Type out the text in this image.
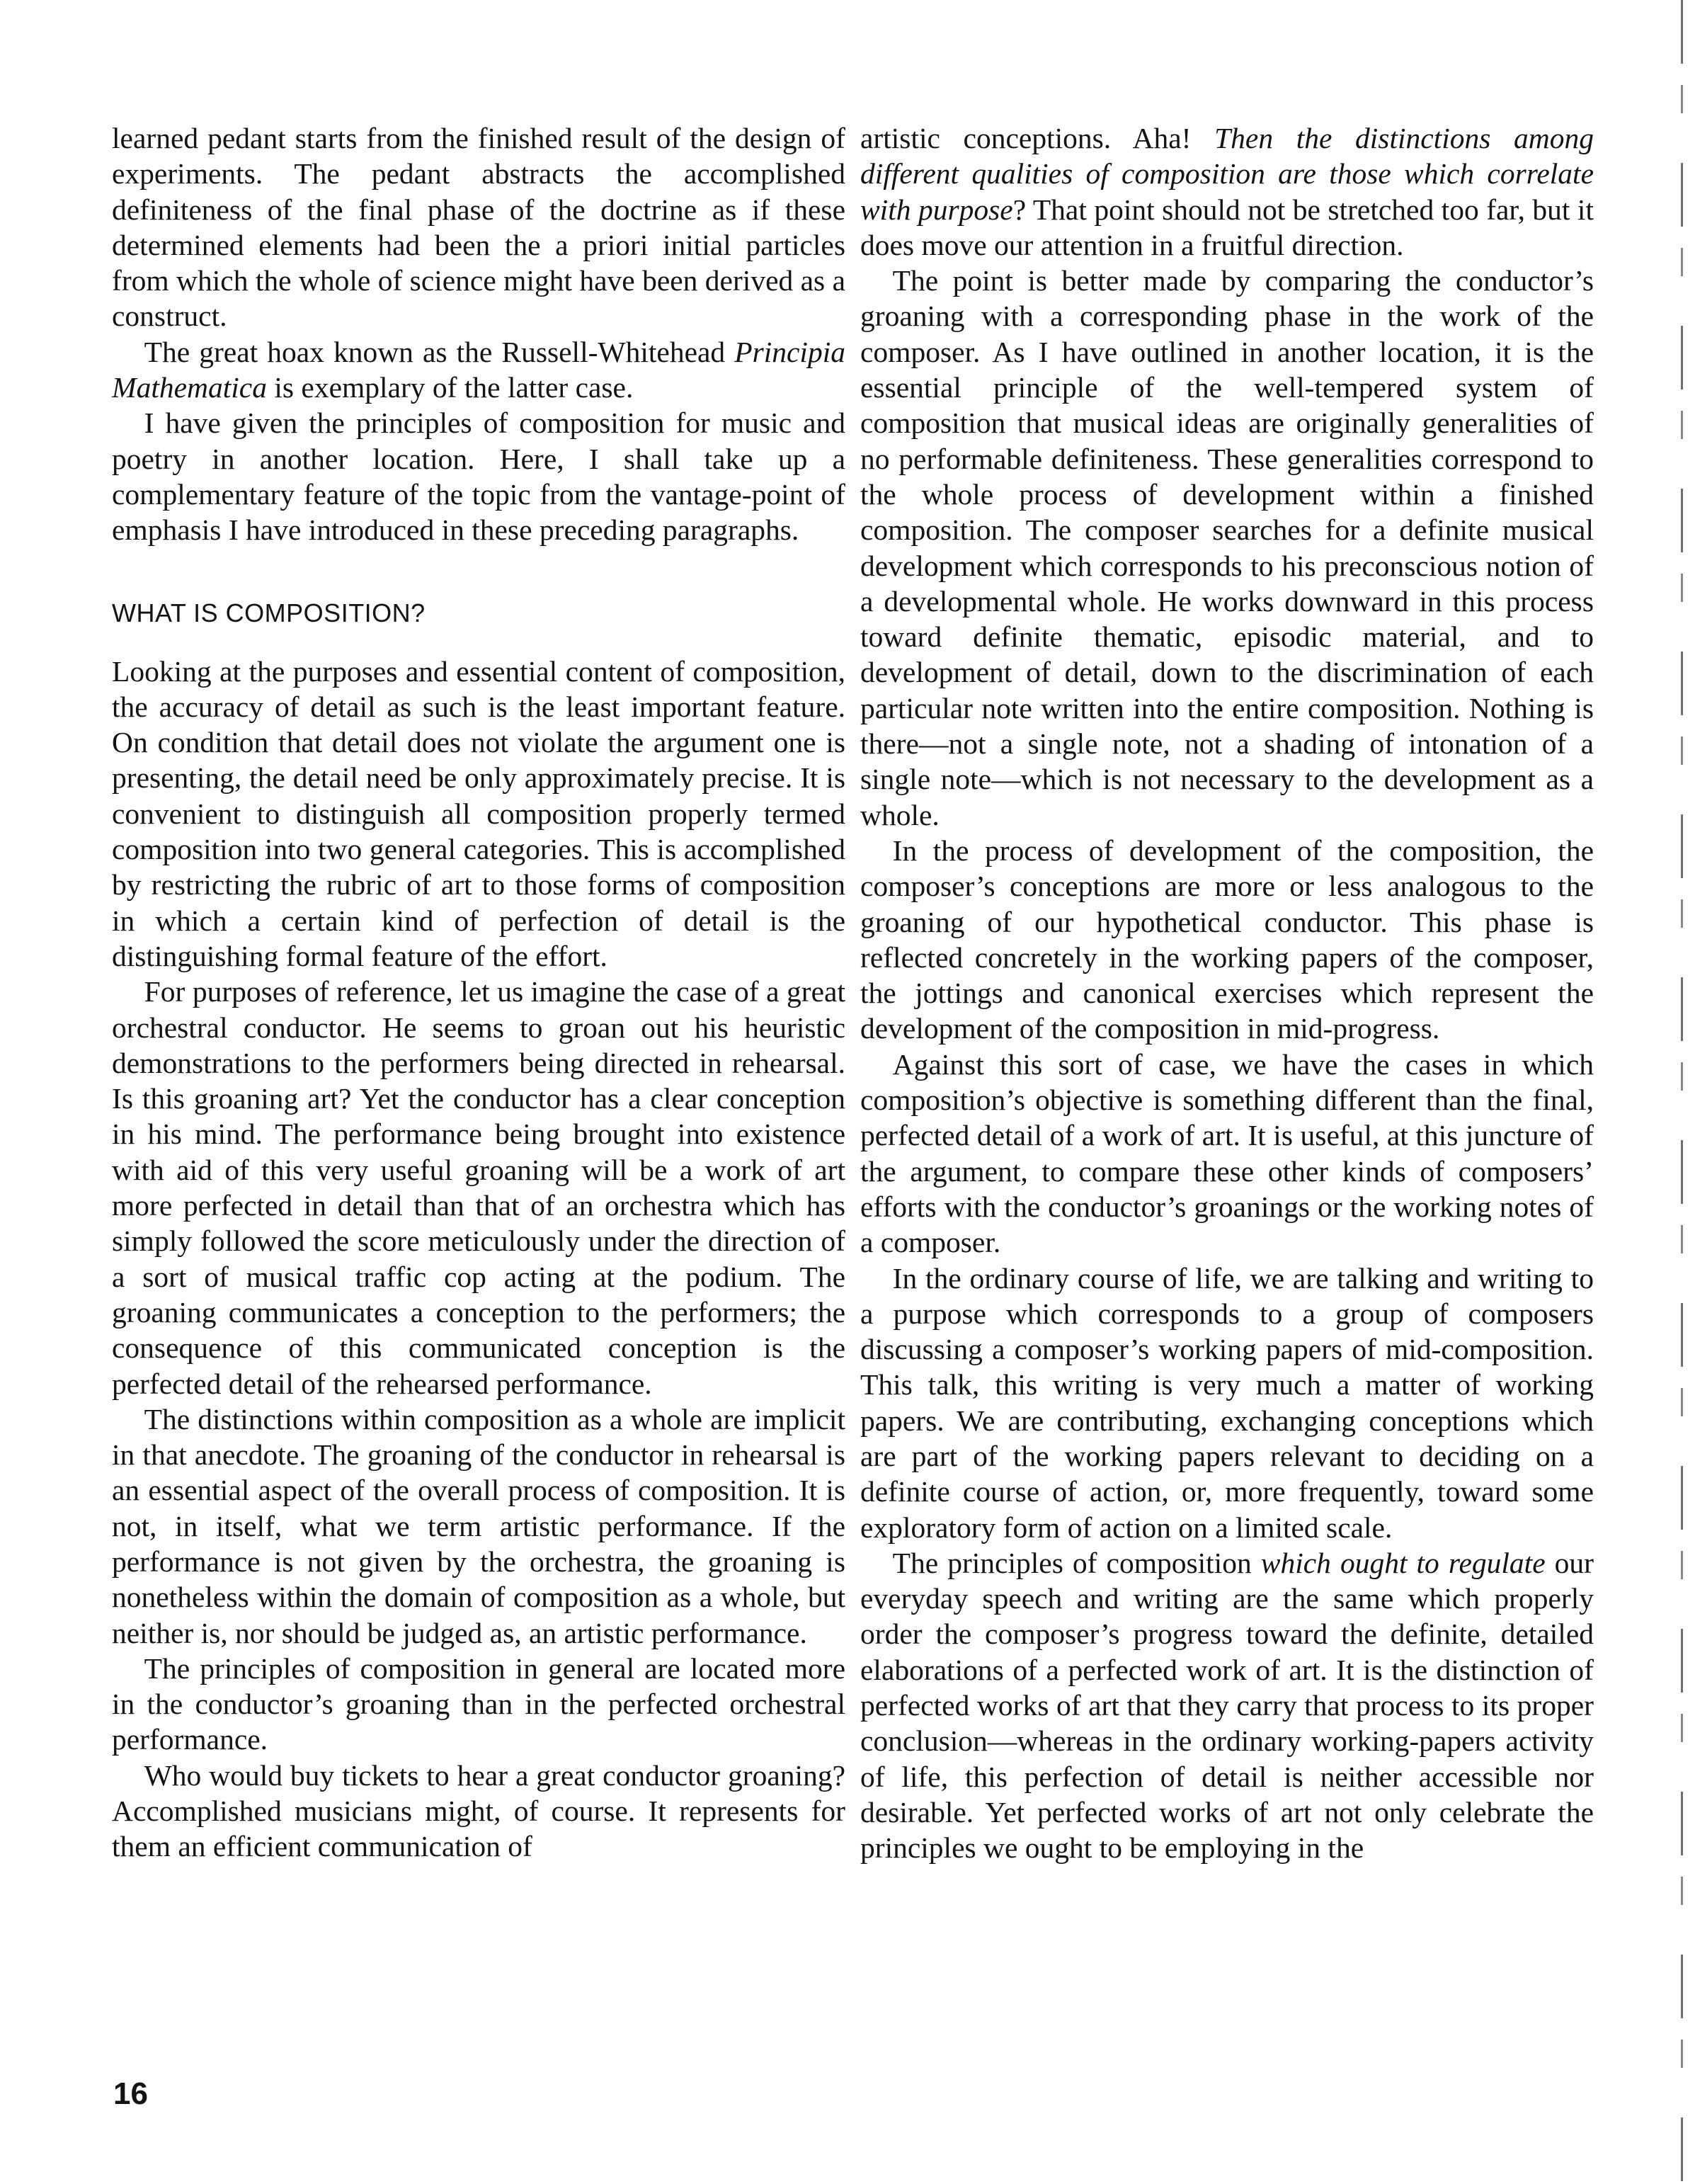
learned pedant starts from the finished result of the design of experiments. The pedant abstracts the accomplished definiteness of the final phase of the doctrine as if these determined elements had been the a priori initial particles from which the whole of science might have been derived as a construct.

The great hoax known as the Russell-Whitehead Principia Mathematica is exemplary of the latter case.

I have given the principles of composition for music and poetry in another location. Here, I shall take up a complementary feature of the topic from the vantage-point of emphasis I have introduced in these preceding paragraphs.

WHAT IS COMPOSITION?

Looking at the purposes and essential content of composition, the accuracy of detail as such is the least important feature. On condition that detail does not violate the argument one is presenting, the detail need be only approximately precise. It is convenient to distinguish all composition properly termed composition into two general categories. This is accomplished by restricting the rubric of art to those forms of composition in which a certain kind of perfection of detail is the distinguishing formal feature of the effort.

For purposes of reference, let us imagine the case of a great orchestral conductor. He seems to groan out his heuristic demonstrations to the performers being directed in rehearsal. Is this groaning art? Yet the conductor has a clear conception in his mind. The performance being brought into existence with aid of this very useful groaning will be a work of art more perfected in detail than that of an orchestra which has simply followed the score meticulously under the direction of a sort of musical traffic cop acting at the podium. The groaning communicates a conception to the performers; the consequence of this communicated conception is the perfected detail of the rehearsed performance.

The distinctions within composition as a whole are implicit in that anecdote. The groaning of the conductor in rehearsal is an essential aspect of the overall process of composition. It is not, in itself, what we term artistic performance. If the performance is not given by the orchestra, the groaning is nonetheless within the domain of composition as a whole, but neither is, nor should be judged as, an artistic performance.

The principles of composition in general are located more in the conductor’s groaning than in the perfected orchestral performance.

Who would buy tickets to hear a great conductor groaning? Accomplished musicians might, of course. It represents for them an efficient communication of

artistic conceptions. Aha! Then the distinctions among different qualities of composition are those which correlate with purpose? That point should not be stretched too far, but it does move our attention in a fruitful direction.

The point is better made by comparing the conductor’s groaning with a corresponding phase in the work of the composer. As I have outlined in another location, it is the essential principle of the well-tempered system of composition that musical ideas are originally generalities of no performable definiteness. These generalities correspond to the whole process of development within a finished composition. The composer searches for a definite musical development which corresponds to his preconscious notion of a developmental whole. He works downward in this process toward definite thematic, episodic material, and to development of detail, down to the discrimination of each particular note written into the entire composition. Nothing is there—not a single note, not a shading of intonation of a single note—which is not necessary to the development as a whole.

In the process of development of the composition, the composer’s conceptions are more or less analogous to the groaning of our hypothetical conductor. This phase is reflected concretely in the working papers of the composer, the jottings and canonical exercises which represent the development of the composition in mid-progress.

Against this sort of case, we have the cases in which composition’s objective is something different than the final, perfected detail of a work of art. It is useful, at this juncture of the argument, to compare these other kinds of composers’ efforts with the conductor’s groanings or the working notes of a composer.

In the ordinary course of life, we are talking and writing to a purpose which corresponds to a group of composers discussing a composer’s working papers of mid-composition. This talk, this writing is very much a matter of working papers. We are contributing, exchanging conceptions which are part of the working papers relevant to deciding on a definite course of action, or, more frequently, toward some exploratory form of action on a limited scale.

The principles of composition which ought to regulate our everyday speech and writing are the same which properly order the composer’s progress toward the definite, detailed elaborations of a perfected work of art. It is the distinction of perfected works of art that they carry that process to its proper conclusion—whereas in the ordinary working-papers activity of life, this perfection of detail is neither accessible nor desirable. Yet perfected works of art not only celebrate the principles we ought to be employing in the

16
